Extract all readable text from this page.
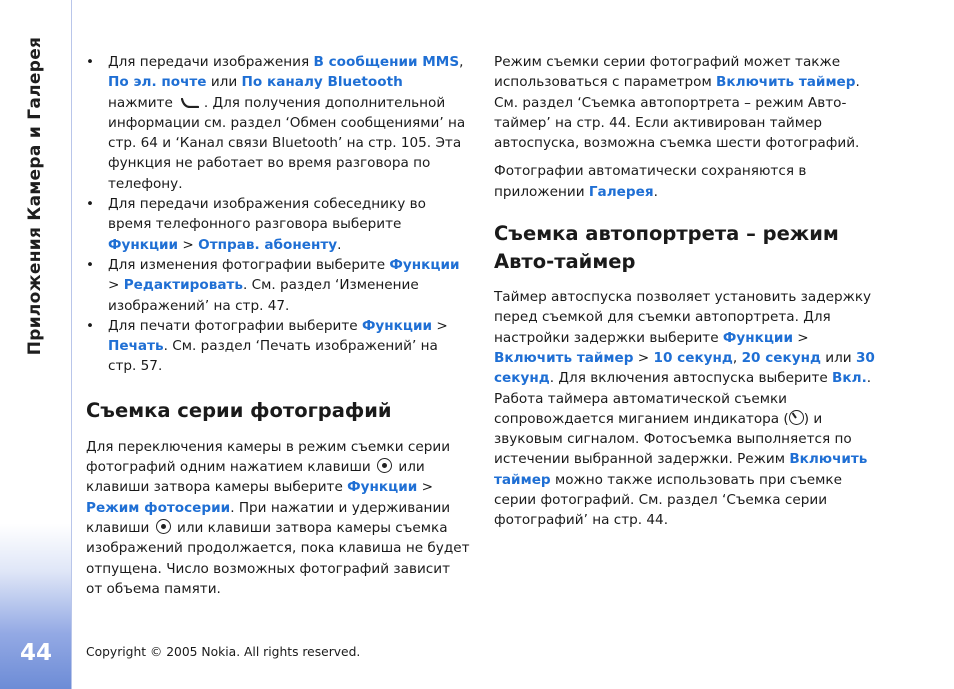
Приложения Камера и Галерея
44
• Для передачи изображения В сообщении MMS, По эл. почте или По каналу Bluetooth нажмите . Для получения дополнительной информации см. раздел ‘Обмен сообщениями’ на стр. 64 и ‘Канал связи Bluetooth’ на стр. 105. Эта функция не работает во время разговора по телефону.
• Для передачи изображения собеседнику во время телефонного разговора выберите Функции > Отправ. абоненту.
• Для изменения фотографии выберите Функции > Редактировать. См. раздел ‘Изменение изображений’ на стр. 47.
• Для печати фотографии выберите Функции > Печать. См. раздел ‘Печать изображений’ на стр. 57.
Съемка серии фотографий

Для переключения камеры в режим съемки серии фотографий одним нажатием клавиши  или клавиши затвора камеры выберите Функции > Режим фотосерии. При нажатии и удерживании клавиши  или клавиши затвора камеры съемка изображений продолжается, пока клавиша не будет отпущена. Число возможных фотографий зависит от объема памяти.

Режим съемки серии фотографий может также использоваться с параметром Включить таймер. См. раздел ‘Съемка автопортрета – режим Авто-таймер’ на стр. 44. Если активирован таймер автоспуска, возможна съемка шести фотографий.

Фотографии автоматически сохраняются в приложении Галерея.

Съемка автопортрета – режим Авто-таймер

Таймер автоспуска позволяет установить задержку перед съемкой для съемки автопортрета. Для настройки задержки выберите Функции > Включить таймер > 10 секунд, 20 секунд или 30 секунд. Для включения автоспуска выберите Вкл.. Работа таймера автоматической съемки сопровождается миганием индикатора ( ) и звуковым сигналом. Фотосъемка выполняется по истечении выбранной задержки. Режим Включить таймер можно также использовать при съемке серии фотографий. См. раздел ‘Съемка серии фотографий’ на стр. 44.

Copyright © 2005 Nokia. All rights reserved.
